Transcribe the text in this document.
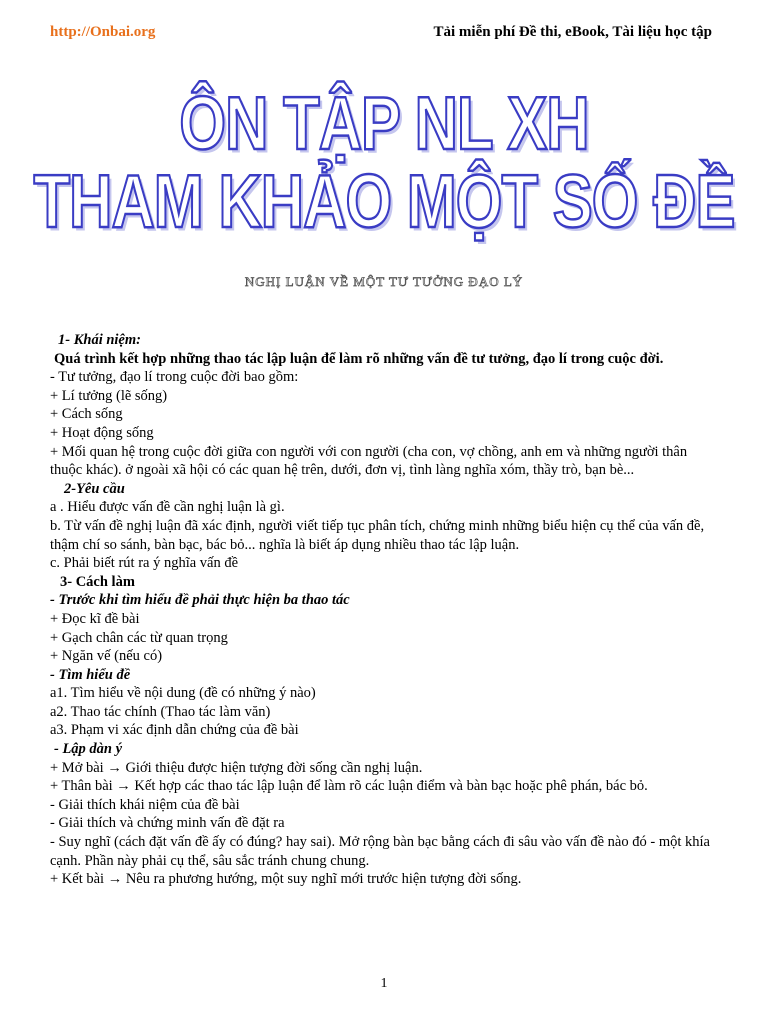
http://Onbai.org	Tải miễn phí Đề thi, eBook, Tài liệu học tập
ÔN TẬP NL XH
THAM KHẢO MỘT SỐ ĐỀ
NGHỊ LUẬN VỀ MỘT TƯ TƯỞNG ĐẠO LÝ

1- Khái niệm:

Quá trình kết hợp những thao tác lập luận để làm rõ những vấn đề tư tưởng, đạo lí trong cuộc đời.

- Tư tưởng, đạo lí trong cuộc đời bao gồm:

+ Lí tưởng (lẽ sống)

+ Cách sống

+ Hoạt động sống

+ Mối quan hệ trong cuộc đời giữa con người với con người (cha con, vợ chồng, anh em và những người thân thuộc khác). ở ngoài xã hội có các quan hệ trên, dưới, đơn vị, tình làng nghĩa xóm, thầy trò, bạn bè...

2-Yêu cầu

a . Hiểu được vấn đề cần nghị luận là gì.

b. Từ vấn đề nghị luận đã xác định, người viết tiếp tục phân tích, chứng minh những biểu hiện cụ thể của vấn đề, thậm chí so sánh, bàn bạc, bác bỏ... nghĩa là biết áp dụng nhiều thao tác lập luận.

c. Phải biết rút ra ý nghĩa vấn đề

3- Cách làm

- Trước khi tìm hiểu đề phải thực hiện ba thao tác

+ Đọc kĩ đề bài

+ Gạch chân các từ quan trọng

+ Ngăn vế (nếu có)

- Tìm hiểu đề

a1. Tìm hiểu về nội dung (đề có những ý nào)

a2. Thao tác chính (Thao tác làm văn)

a3. Phạm vi xác định dẫn chứng của đề bài

- Lập dàn ý

+ Mở bài → Giới thiệu được hiện tượng đời sống cần nghị luận.

+ Thân bài → Kết hợp các thao tác lập luận để làm rõ các luận điểm và bàn bạc hoặc phê phán, bác bỏ.

- Giải thích khái niệm của đề bài

- Giải thích và chứng minh vấn đề đặt ra

- Suy nghĩ (cách đặt vấn đề ấy có đúng? hay sai). Mở rộng bàn bạc bằng cách đi sâu vào vấn đề nào đó - một khía cạnh. Phần này phải cụ thể, sâu sắc tránh chung chung.

+ Kết bài → Nêu ra phương hướng, một suy nghĩ mới trước hiện tượng đời sống.

1
